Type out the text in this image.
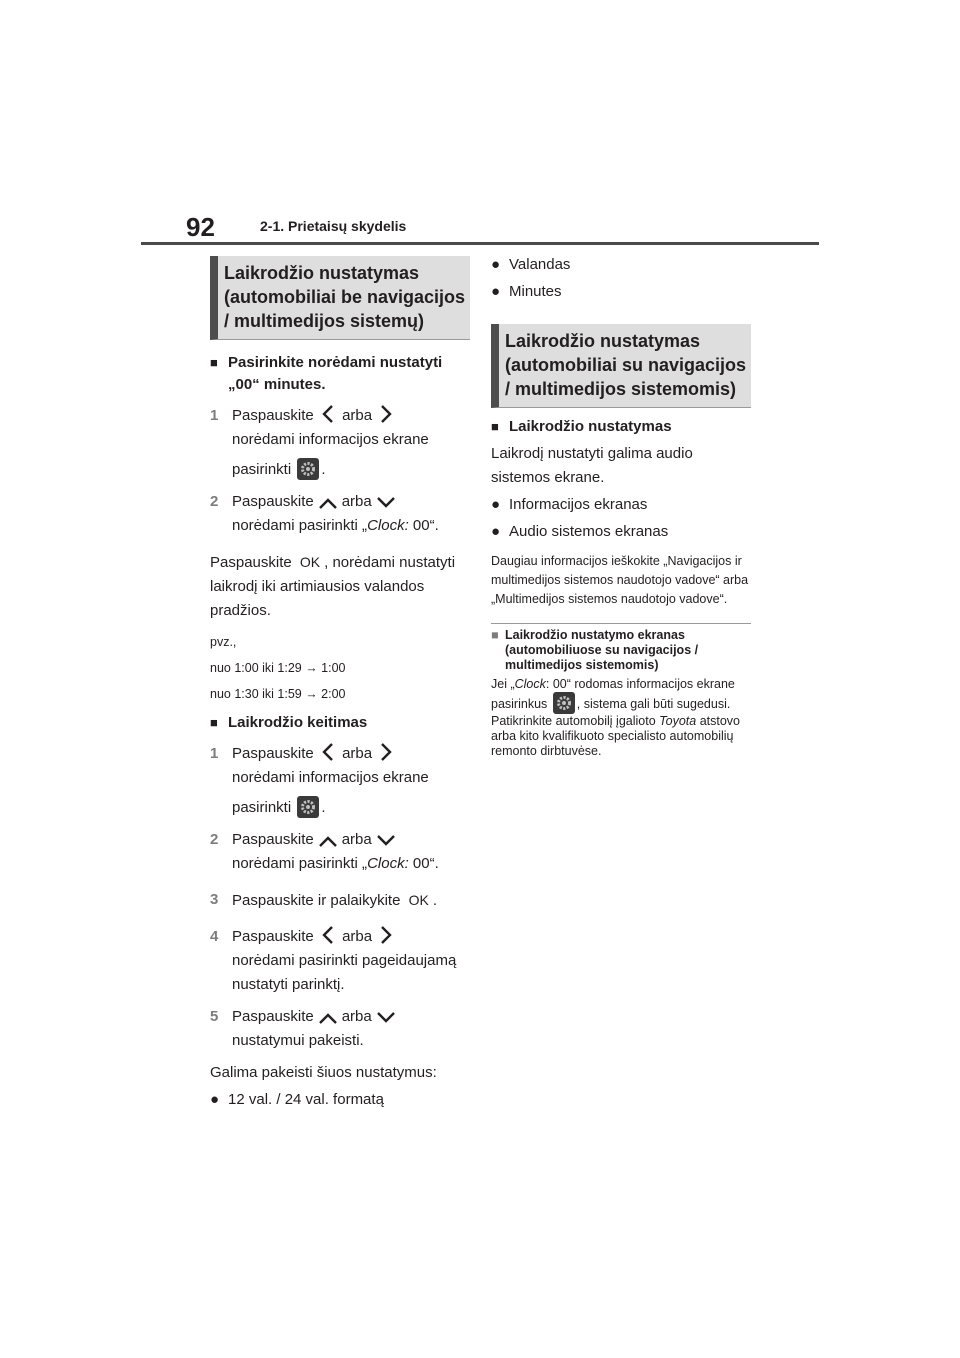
92	2-1. Prietaisų skydelis
Laikrodžio nustatymas
(automobiliai be navigacijos
/ multimedijos sistemų)
■ Pasirinkite norėdami nustatyti „00“ minutes.
1 Paspauskite arba
norėdami informacijos ekrane
pasirinkti .
2 Paspauskite arba
norėdami pasirinkti „Clock: 00“.
Paspauskite OK , norėdami nustatyti laikrodį iki artimiausios valandos pradžios.
pvz.,
nuo 1:00 iki 1:29 → 1:00
nuo 1:30 iki 1:59 → 2:00
■ Laikrodžio keitimas
1 Paspauskite arba
norėdami informacijos ekrane
pasirinkti .
2 Paspauskite arba
norėdami pasirinkti „Clock: 00“.
3 Paspauskite ir palaikykite OK .
4 Paspauskite arba
norėdami pasirinkti pageidaujamą nustatyti parinktį.
5 Paspauskite arba
nustatymui pakeisti.
Galima pakeisti šiuos nustatymus:
● 12 val. / 24 val. formatą
● Valandas
● Minutes
Laikrodžio nustatymas
(automobiliai su navigacijos
/ multimedijos sistemomis)
■ Laikrodžio nustatymas
Laikrodį nustatyti galima audio sistemos ekrane.
● Informacijos ekranas
● Audio sistemos ekranas
Daugiau informacijos ieškokite „Navigacijos ir multimedijos sistemos naudotojo vadove“ arba „Multimedijos sistemos naudotojo vadove“.
■ Laikrodžio nustatymo ekranas (automobiliuose su navigacijos / multimedijos sistemomis)
Jei „Clock: 00“ rodomas informacijos ekrane pasirinkus , sistema gali būti sugedusi. Patikrinkite automobilį įgalioto Toyota atstovo arba kito kvalifikuoto specialisto automobilių remonto dirbtuvėse.
